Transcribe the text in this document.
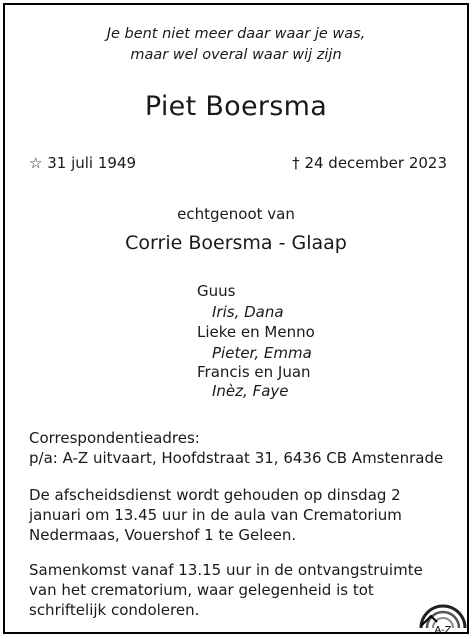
Je bent niet meer daar waar je was,

maar wel overal waar wij zijn

Piet Boersma
☆ 31 juli 1949	† 24 december 2023

echtgenoot van

Corrie Boersma - Glaap

Guus

Iris, Dana

Lieke en Menno

Pieter, Emma

Francis en Juan

Inèz, Faye

Correspondentieadres:

p/a: A-Z uitvaart, Hoofdstraat 31, 6436 CB Amstenrade

De afscheidsdienst wordt gehouden op dinsdag 2 januari om 13.45 uur in de aula van Crematorium Nedermaas, Vouershof 1 te Geleen.

Samenkomst vanaf 13.15 uur in de ontvangstruimte van het crematorium, waar gelegenheid is tot schriftelijk condoleren.

A-Z
